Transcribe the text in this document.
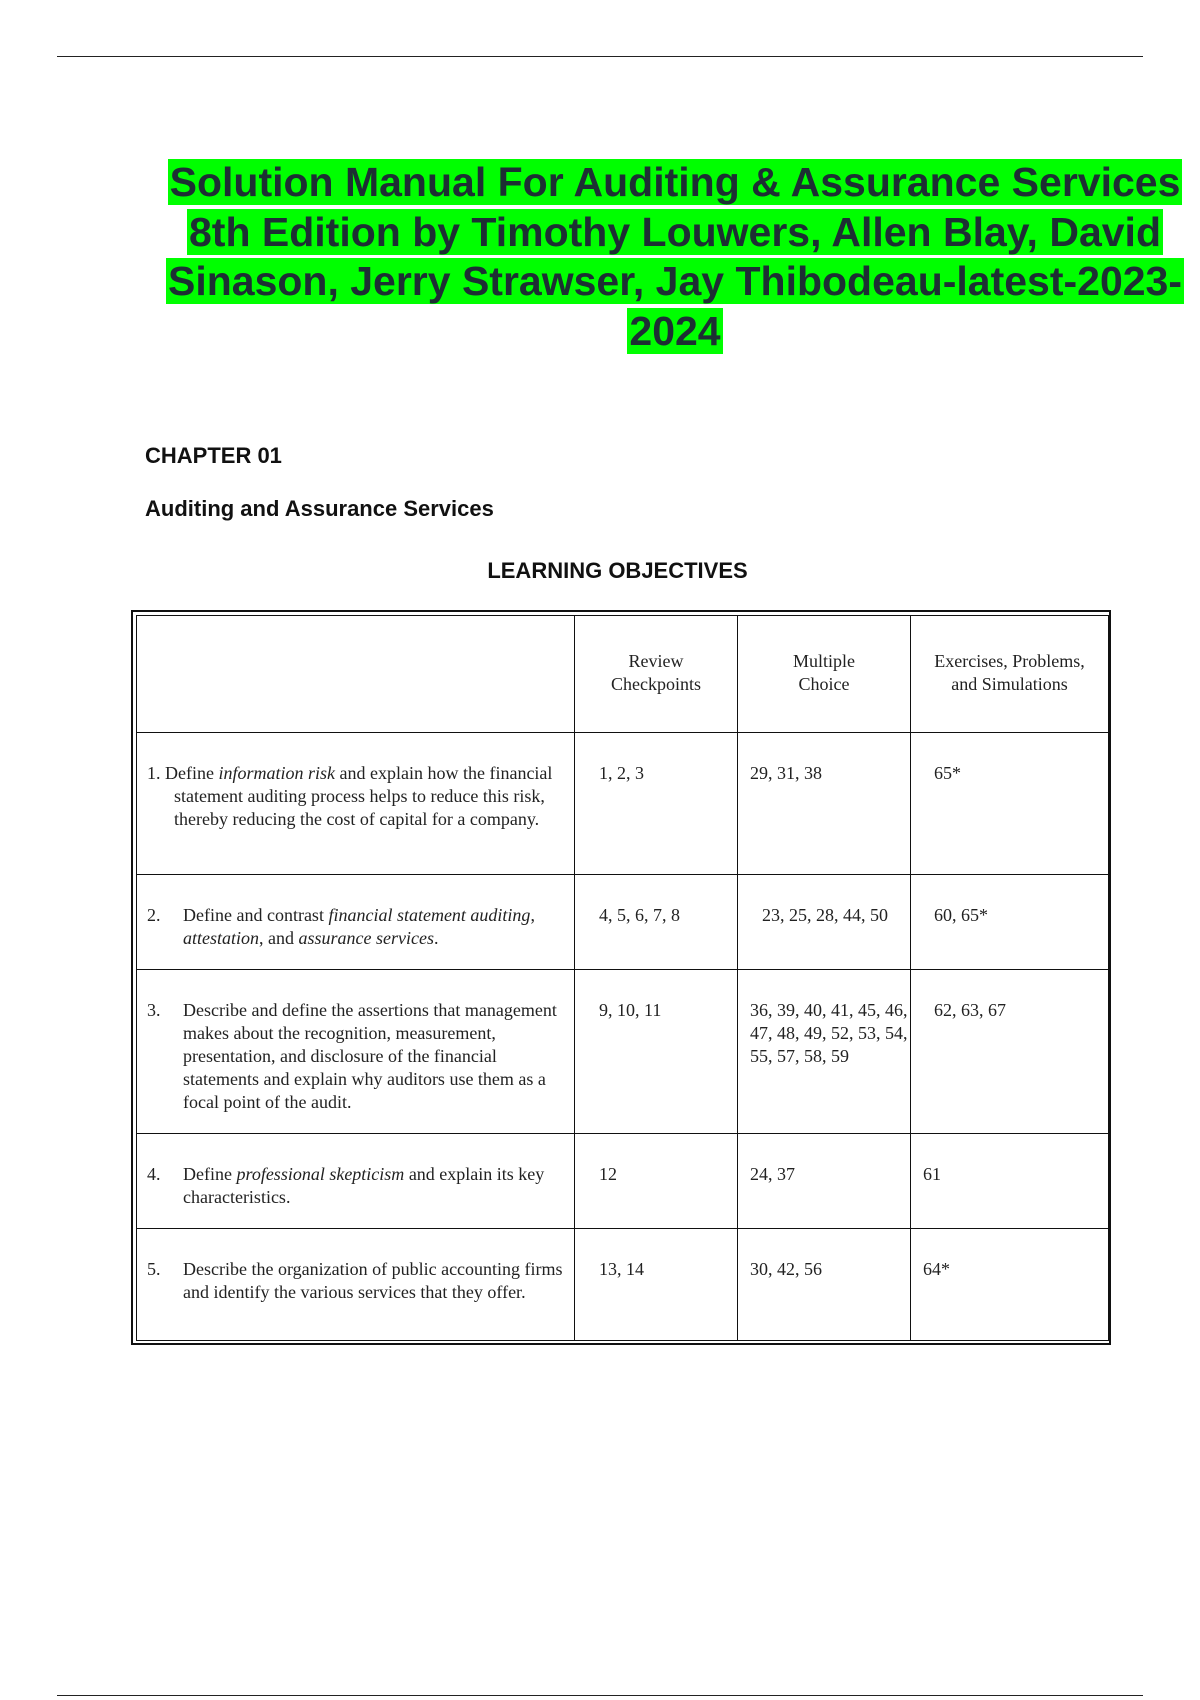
Solution Manual For Auditing & Assurance Services
8th Edition by Timothy Louwers, Allen Blay, David
Sinason, Jerry Strawser, Jay Thibodeau-latest-2023-
2024

CHAPTER 01

Auditing and Assurance Services

LEARNING OBJECTIVES

	Review
Checkpoints	Multiple
Choice	Exercises, Problems,
and Simulations

1. Define information risk and explain how the financial statement auditing process helps to reduce this risk, thereby reducing the cost of capital for a company.	1, 2, 3	29, 31, 38	65*

2. Define and contrast financial statement auditing, attestation, and assurance services.	4, 5, 6, 7, 8	23, 25, 28, 44, 50	60, 65*

3. Describe and define the assertions that management makes about the recognition, measurement, presentation, and disclosure of the financial statements and explain why auditors use them as a focal point of the audit.	9, 10, 11	36, 39, 40, 41, 45, 46, 47, 48, 49, 52, 53, 54, 55, 57, 58, 59	62, 63, 67

4. Define professional skepticism and explain its key characteristics.	12	24, 37	61

5. Describe the organization of public accounting firms and identify the various services that they offer.	13, 14	30, 42, 56	64*
